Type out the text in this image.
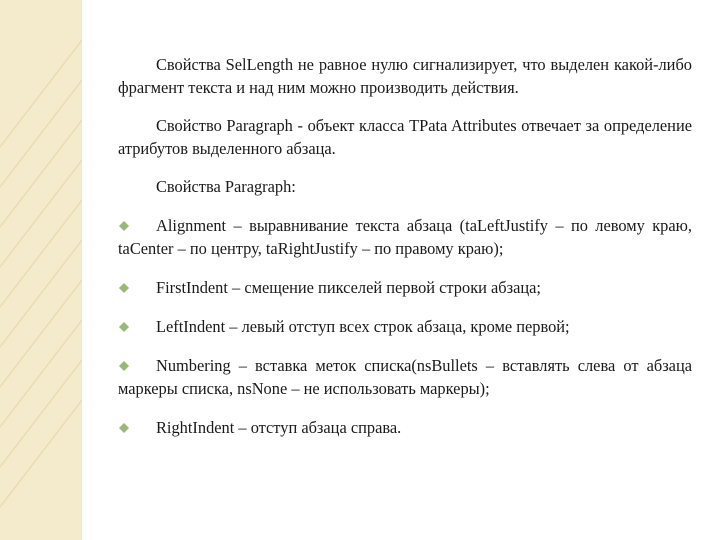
Свойства SelLength не равное нулю сигнализирует, что выделен какой-либо фрагмент текста и над ним можно производить действия.

Свойство Paragraph - объект класса TPata Attributes отвечает за определение атрибутов выделенного абзаца.

Свойства Paragraph:

Alignment – выравнивание текста абзаца (taLeftJustify – по левому краю, taCenter – по центру, taRightJustify – по правому краю);
FirstIndent – смещение пикселей первой строки абзаца;
LeftIndent – левый отступ всех строк абзаца, кроме первой;
Numbering – вставка меток списка(nsBullets – вставлять слева от абзаца маркеры списка, nsNone – не использовать маркеры);
RightIndent – отступ абзаца справа.
